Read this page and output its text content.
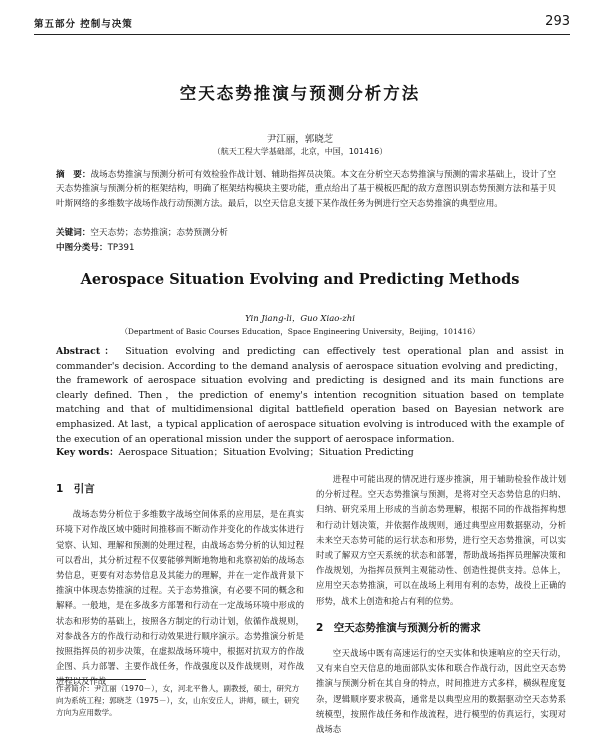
第五部分 控制与决策	293
空天态势推演与预测分析方法
尹江丽，郭晓芝
（航天工程大学基础部，北京，中国，101416）
摘　要：战场态势推演与预测分析可有效检验作战计划、辅助指挥员决策。本文在分析空天态势推演与预测的需求基础上，设计了空天态势推演与预测分析的框架结构，明确了框架结构模块主要功能，重点给出了基于模板匹配的敌方意图识别态势预测方法和基于贝叶斯网络的多维数字战场作战行动预测方法。最后，以空天信息支援下某作战任务为例进行空天态势推演的典型应用。
关键词：空天态势；态势推演；态势预测分析
中图分类号：TP391
Aerospace Situation Evolving and Predicting Methods
Yin Jiang-li，Guo Xiao-zhi
（Department of Basic Courses Education，Space Engineering University，Beijing，101416）
Abstract： Situation evolving and predicting can effectively test operational plan and assist in commander's decision. According to the demand analysis of aerospace situation evolving and predicting，the framework of aerospace situation evolving and predicting is designed and its main functions are clearly defined. Then，the prediction of enemy's intention recognition situation based on template matching and that of multidimensional digital battlefield operation based on Bayesian network are emphasized. At last，a typical application of aerospace situation evolving is introduced with the example of the execution of an operational mission under the support of aerospace information.
Key words：Aerospace Situation；Situation Evolving；Situation Predicting
1　引言

战场态势分析位于多维数字战场空间体系的应用层，是在真实环境下对作战区域中随时间推移而不断动作并变化的作战实体进行觉察、认知、理解和预测的处理过程，由战场态势分析的认知过程可以看出，其分析过程不仅要能够判断地物地和兆察初始的战场态势信息，更要有对态势信息及其能力的理解，并在一定作战背景下推演中体现态势推演的过程。关于态势推演，有必要不同的概念和解释。一般地，是在多战多方部署和行动在一定战场环境中形成的状态和形势的基础上，按照各方制定的行动计划，依循作战规则，对参战各方的作战行动和行动效果进行顺序演示。态势推演分析是按照指挥员的初步决策，在虚拟战场环境中，根据对抗双方的作战企图、兵力部署、主要作战任务，作战强度以及作战规则，对作战进程以及作战

进程中可能出现的情况进行逐步推演，用于辅助检验作战计划的分析过程。空天态势推演与预测，是将对空天态势信息的归纳、归纳、研究采用上形成的当前态势理解，根据不同的作战指挥构想和行动计划决策，并依据作战规则，通过典型应用数据驱动，分析未来空天态势可能的运行状态和形势，进行空天态势推演，可以实时或了解双方空天系统的状态和部署，帮助战场指挥员理解决策和作战规划，为指挥员预判主观能动性、创造性提供支持。总体上，应用空天态势推演，可以在战场上利用有利的态势，战役上正确的形势，战术上创造和抢占有利的位势。

2　空天态势推演与预测分析的需求

空天战场中既有高速运行的空天实体和快速响应的空天行动，又有来自空天信息的地面部队实体和联合作战行动，因此空天态势推演与预测分析在其自身的特点，时间推进方式多样，横纵程度复杂，逻辑顺序要求极高，通常是以典型应用的数据驱动空天态势系统模型，按照作战任务和作战流程，进行模型的仿真运行，实现对战场态

作者简介：尹江丽（1970－），女，河北平鲁人，副教授，硕士，研究方向为系统工程；郭晓芝（1975－），女，山东安丘人，讲师，硕士，研究方向为应用数学。
